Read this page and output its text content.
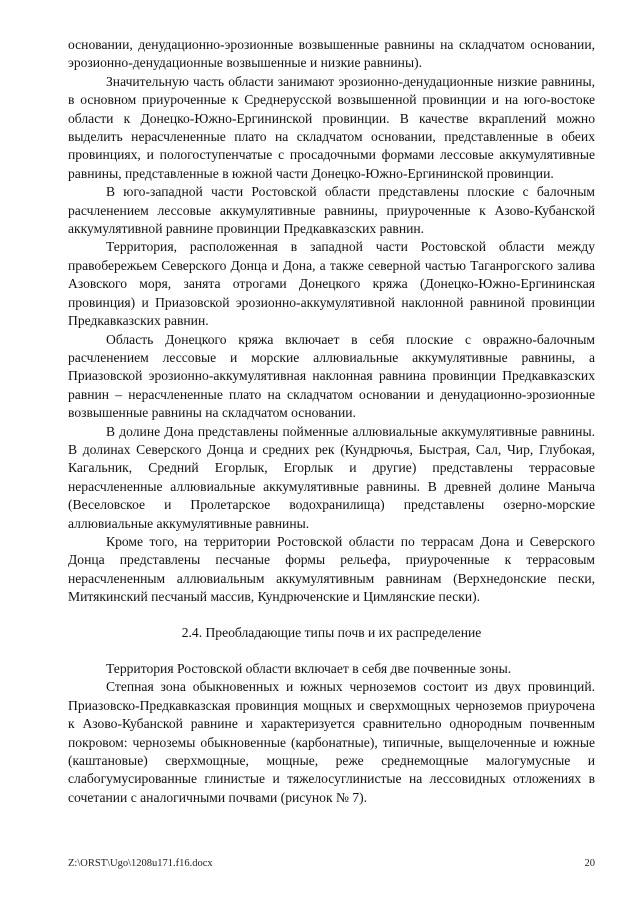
основании, денудационно-эрозионные возвышенные равнины на складчатом основании, эрозионно-денудационные возвышенные и низкие равнины).

Значительную часть области занимают эрозионно-денудационные низкие равнины, в основном приуроченные к Среднерусской возвышенной провинции и на юго-востоке области к Донецко-Южно-Ергининской провинции. В качестве вкраплений можно выделить нерасчлененные плато на складчатом основании, представленные в обеих провинциях, и пологоступенчатые с просадочными формами лессовые аккумулятивные равнины, представленные в южной части Донецко-Южно-Ергининской провинции.

В юго-западной части Ростовской области представлены плоские с балочным расчленением лессовые аккумулятивные равнины, приуроченные к Азово-Кубанской аккумулятивной равнине провинции Предкавказских равнин.

Территория, расположенная в западной части Ростовской области между правобережьем Северского Донца и Дона, а также северной частью Таганрогского залива Азовского моря, занята отрогами Донецкого кряжа (Донецко-Южно-Ергининская провинция) и Приазовской эрозионно-аккумулятивной наклонной равниной провинции Предкавказских равнин.

Область Донецкого кряжа включает в себя плоские с овражно-балочным расчленением лессовые и морские аллювиальные аккумулятивные равнины, а Приазовской эрозионно-аккумулятивная наклонная равнина провинции Предкавказских равнин – нерасчлененные плато на складчатом основании и денудационно-эрозионные возвышенные равнины на складчатом основании.

В долине Дона представлены пойменные аллювиальные аккумулятивные равнины. В долинах Северского Донца и средних рек (Кундрючья, Быстрая, Сал, Чир, Глубокая, Кагальник, Средний Егорлык, Егорлык и другие) представлены террасовые нерасчлененные аллювиальные аккумулятивные равнины. В древней долине Маныча (Веселовское и Пролетарское водохранилища) представлены озерно-морские аллювиальные аккумулятивные равнины.

Кроме того, на территории Ростовской области по террасам Дона и Северского Донца представлены песчаные формы рельефа, приуроченные к террасовым нерасчлененным аллювиальным аккумулятивным равнинам (Верхнедонские пески, Митякинский песчаный массив, Кундрюченские и Цимлянские пески).

2.4. Преобладающие типы почв и их распределение

Территория Ростовской области включает в себя две почвенные зоны.

Степная зона обыкновенных и южных черноземов состоит из двух провинций. Приазовско-Предкавказская провинция мощных и сверхмощных черноземов приурочена к Азово-Кубанской равнине и характеризуется сравнительно однородным почвенным покровом: черноземы обыкновенные (карбонатные), типичные, выщелоченные и южные (каштановые) сверхмощные, мощные, реже среднемощные малогумусные и слабогумусированные глинистые и тяжелосуглинистые на лессовидных отложениях в сочетании с аналогичными почвами (рисунок № 7).

Z:\ORST\Ugo\1208u171.f16.docx	20
